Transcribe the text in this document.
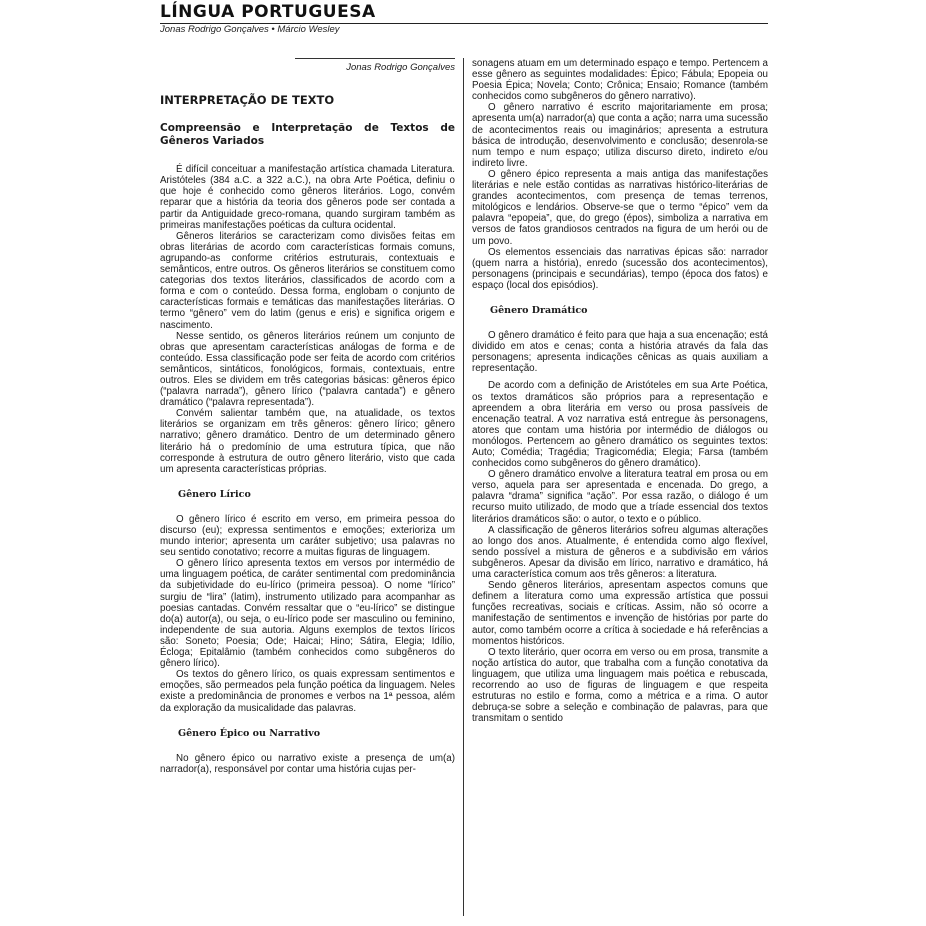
LÍNGUA PORTUGUESA
Jonas Rodrigo Gonçalves • Márcio Wesley
Jonas Rodrigo Gonçalves
INTERPRETAÇÃO DE TEXTO
Compreensão e Interpretação de Textos de Gêneros Variados

É difícil conceituar a manifestação artística chamada Literatura. Aristóteles (384 a.C. a 322 a.C.), na obra Arte Poética, definiu o que hoje é conhecido como gêneros literários. Logo, convém reparar que a história da teoria dos gêneros pode ser contada a partir da Antiguidade greco-romana, quando surgiram também as primeiras manifestações poéticas da cultura ocidental.

Gêneros literários se caracterizam como divisões feitas em obras literárias de acordo com características formais comuns, agrupando-as conforme critérios estruturais, contextuais e semânticos, entre outros. Os gêneros literários se constituem como categorias dos textos literários, classificados de acordo com a forma e com o conteúdo. Dessa forma, englobam o conjunto de características formais e temáticas das manifestações literárias. O termo “gênero” vem do latim (genus e eris) e significa origem e nascimento.

Nesse sentido, os gêneros literários reúnem um conjunto de obras que apresentam características análogas de forma e de conteúdo. Essa classificação pode ser feita de acordo com critérios semânticos, sintáticos, fonológicos, formais, contextuais, entre outros. Eles se dividem em três categorias básicas: gêneros épico (“palavra narrada”), gênero lírico (“palavra cantada”) e gênero dramático (“palavra representada”).

Convém salientar também que, na atualidade, os textos literários se organizam em três gêneros: gênero lírico; gênero narrativo; gênero dramático. Dentro de um determinado gênero literário há o predomínio de uma estrutura típica, que não corresponde à estrutura de outro gênero literário, visto que cada um apresenta características próprias.

Gênero Lírico

O gênero lírico é escrito em verso, em primeira pessoa do discurso (eu); expressa sentimentos e emoções; exterioriza um mundo interior; apresenta um caráter subjetivo; usa palavras no seu sentido conotativo; recorre a muitas figuras de linguagem.

O gênero lírico apresenta textos em versos por intermédio de uma linguagem poética, de caráter sentimental com predominância da subjetividade do eu-lírico (primeira pessoa). O nome “lírico” surgiu de “lira” (latim), instrumento utilizado para acompanhar as poesias cantadas. Convém ressaltar que o “eu-lírico” se distingue do(a) autor(a), ou seja, o eu-lírico pode ser masculino ou feminino, independente de sua autoria. Alguns exemplos de textos líricos são: Soneto; Poesia; Ode; Haicai; Hino; Sátira, Elegia; Idílio, Écloga; Epitalâmio (também conhecidos como subgêneros do gênero lírico).

Os textos do gênero lírico, os quais expressam sentimentos e emoções, são permeados pela função poética da linguagem. Neles existe a predominância de pronomes e verbos na 1ª pessoa, além da exploração da musicalidade das palavras.

Gênero Épico ou Narrativo

No gênero épico ou narrativo existe a presença de um(a) narrador(a), responsável por contar uma história cujas per-

sonagens atuam em um determinado espaço e tempo. Pertencem a esse gênero as seguintes modalidades: Épico; Fábula; Epopeia ou Poesia Épica; Novela; Conto; Crônica; Ensaio; Romance (também conhecidos como subgêneros do gênero narrativo).

O gênero narrativo é escrito majoritariamente em prosa; apresenta um(a) narrador(a) que conta a ação; narra uma sucessão de acontecimentos reais ou imaginários; apresenta a estrutura básica de introdução, desenvolvimento e conclusão; desenrola-se num tempo e num espaço; utiliza discurso direto, indireto e/ou indireto livre.

O gênero épico representa a mais antiga das manifestações literárias e nele estão contidas as narrativas histórico-literárias de grandes acontecimentos, com presença de temas terrenos, mitológicos e lendários. Observe-se que o termo “épico” vem da palavra “epopeia”, que, do grego (épos), simboliza a narrativa em versos de fatos grandiosos centrados na figura de um herói ou de um povo.

Os elementos essenciais das narrativas épicas são: narrador (quem narra a história), enredo (sucessão dos acontecimentos), personagens (principais e secundárias), tempo (época dos fatos) e espaço (local dos episódios).

Gênero Dramático

O gênero dramático é feito para que haja a sua encenação; está dividido em atos e cenas; conta a história através da fala das personagens; apresenta indicações cênicas as quais auxiliam a representação.

De acordo com a definição de Aristóteles em sua Arte Poética, os textos dramáticos são próprios para a representação e apreendem a obra literária em verso ou prosa passíveis de encenação teatral. A voz narrativa está entregue às personagens, atores que contam uma história por intermédio de diálogos ou monólogos. Pertencem ao gênero dramático os seguintes textos: Auto; Comédia; Tragédia; Tragicomédia; Elegia; Farsa (também conhecidos como subgêneros do gênero dramático).

O gênero dramático envolve a literatura teatral em prosa ou em verso, aquela para ser apresentada e encenada. Do grego, a palavra “drama” significa “ação”. Por essa razão, o diálogo é um recurso muito utilizado, de modo que a tríade essencial dos textos literários dramáticos são: o autor, o texto e o público.

A classificação de gêneros literários sofreu algumas alterações ao longo dos anos. Atualmente, é entendida como algo flexível, sendo possível a mistura de gêneros e a subdivisão em vários subgêneros. Apesar da divisão em lírico, narrativo e dramático, há uma característica comum aos três gêneros: a literatura.

Sendo gêneros literários, apresentam aspectos comuns que definem a literatura como uma expressão artística que possui funções recreativas, sociais e críticas. Assim, não só ocorre a manifestação de sentimentos e invenção de histórias por parte do autor, como também ocorre a crítica à sociedade e há referências a momentos históricos.

O texto literário, quer ocorra em verso ou em prosa, transmite a noção artística do autor, que trabalha com a função conotativa da linguagem, que utiliza uma linguagem mais poética e rebuscada, recorrendo ao uso de figuras de linguagem e que respeita estruturas no estilo e forma, como a métrica e a rima. O autor debruça-se sobre a seleção e combinação de palavras, para que transmitam o sentido
